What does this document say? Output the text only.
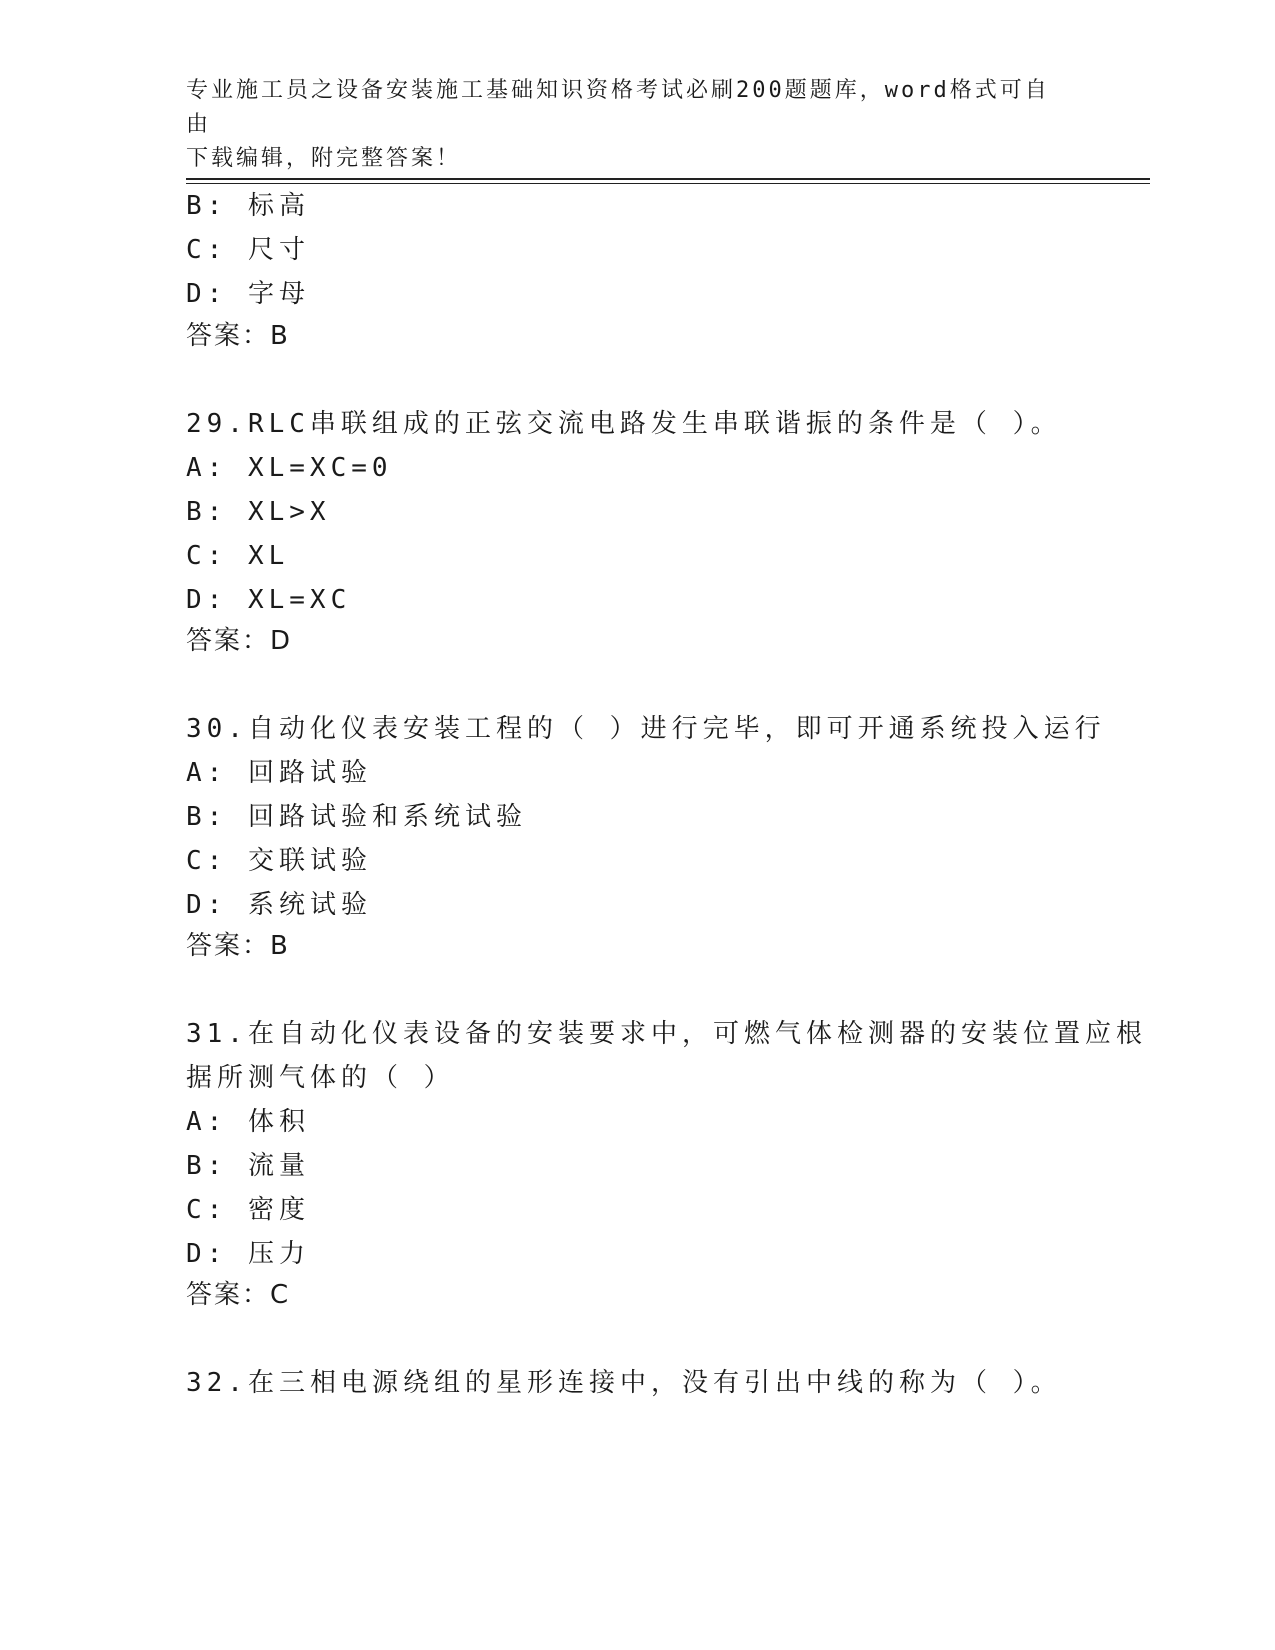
专业施工员之设备安装施工基础知识资格考试必刷200题题库，word格式可自由
下载编辑，附完整答案！
B: 标高
C: 尺寸
D: 字母
答案：B
29.RLC串联组成的正弦交流电路发生串联谐振的条件是（ ）。
A: XL=XC=0
B: XL>X
C: XL
D: XL=XC
答案：D
30.自动化仪表安装工程的（ ）进行完毕，即可开通系统投入运行
A: 回路试验
B: 回路试验和系统试验
C: 交联试验
D: 系统试验
答案：B
31.在自动化仪表设备的安装要求中，可燃气体检测器的安装位置应根
据所测气体的（ ）
A: 体积
B: 流量
C: 密度
D: 压力
答案：C
32.在三相电源绕组的星形连接中，没有引出中线的称为（ ）。
